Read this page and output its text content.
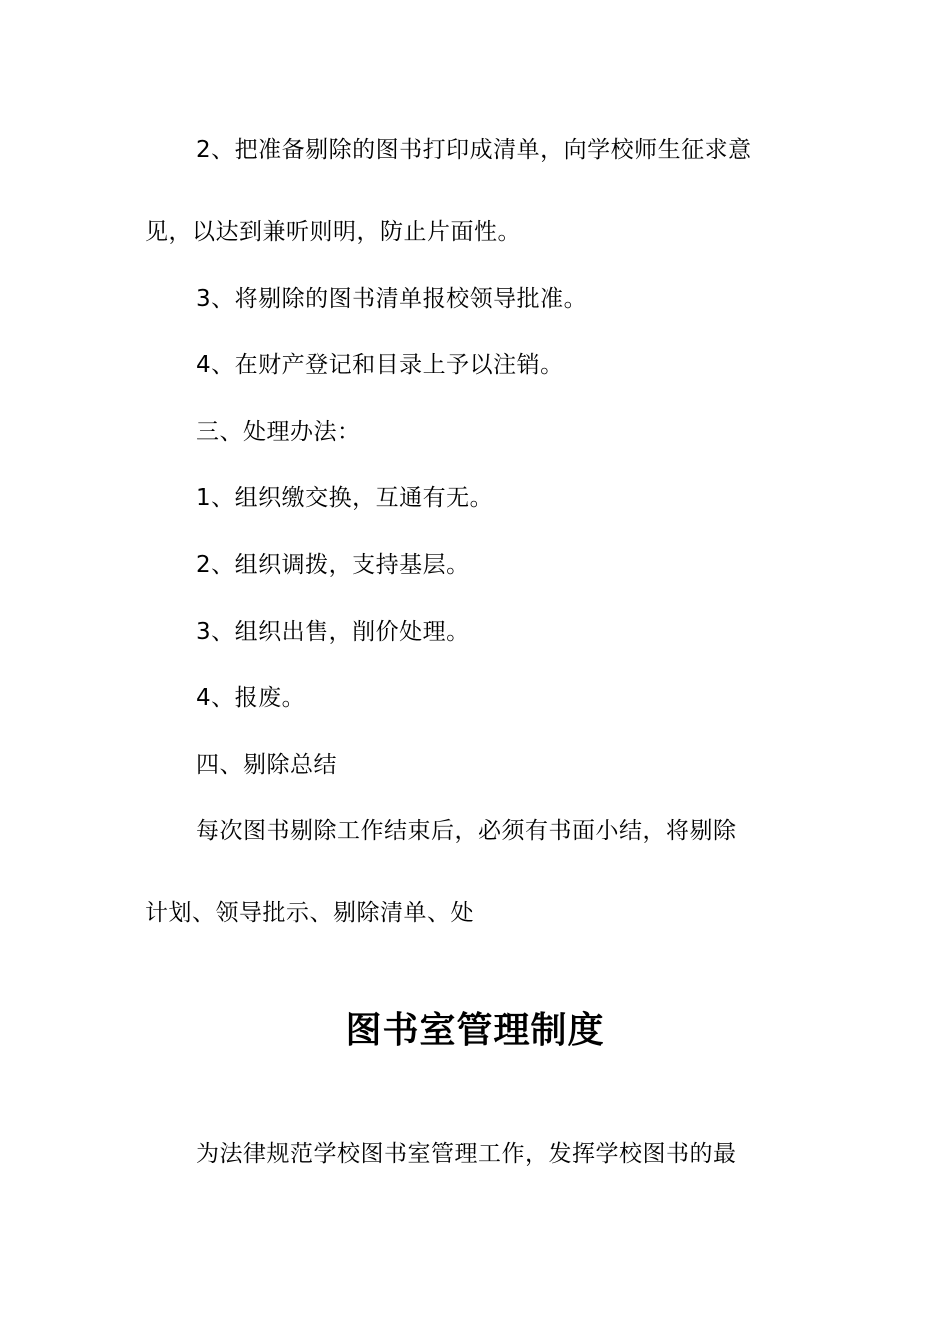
2、把准备剔除的图书打印成清单，向学校师生征求意
见，以达到兼听则明，防止片面性。
3、将剔除的图书清单报校领导批准。
4、在财产登记和目录上予以注销。
三、处理办法：
1、组织缴交换，互通有无。
2、组织调拨，支持基层。
3、组织出售，削价处理。
4、报废。
四、剔除总结
每次图书剔除工作结束后，必须有书面小结，将剔除
计划、领导批示、剔除清单、处
图书室管理制度
为法律规范学校图书室管理工作，发挥学校图书的最
